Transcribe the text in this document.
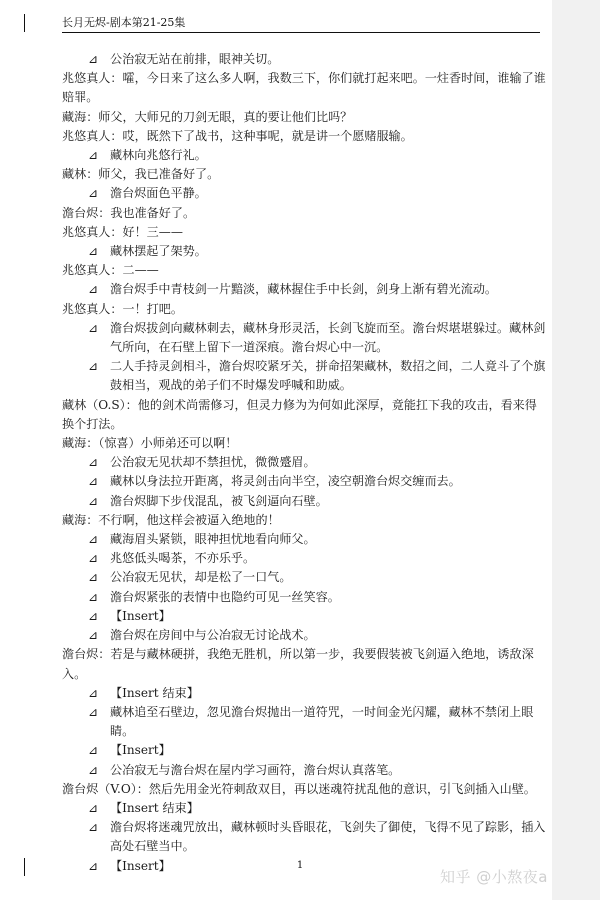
长月无烬-剧本第21-25集
⊿ 公治寂无站在前排，眼神关切。
兆悠真人：嚯，今日来了这么多人啊，我数三下，你们就打起来吧。一炷香时间，谁输了谁赔罪。
藏海：师父，大师兄的刀剑无眼，真的要让他们比吗？
兆悠真人：哎，既然下了战书，这种事呢，就是讲一个愿赌服输。
⊿ 藏林向兆悠行礼。
藏林：师父，我已准备好了。
⊿ 澹台烬面色平静。
澹台烬：我也准备好了。
兆悠真人：好！三——
⊿ 藏林摆起了架势。
兆悠真人：二——
⊿ 澹台烬手中青枝剑一片黯淡，藏林握住手中长剑，剑身上渐有碧光流动。
兆悠真人：一！打吧。
⊿ 澹台烬拔剑向藏林刺去，藏林身形灵活，长剑飞旋而至。澹台烬堪堪躲过。藏林剑气所向，在石壁上留下一道深痕。澹台烬心中一沉。
⊿ 二人手持灵剑相斗，澹台烬咬紧牙关，拼命招架藏林，数招之间，二人竟斗了个旗鼓相当，观战的弟子们不时爆发呼喊和助威。
藏林（O.S）：他的剑术尚需修习，但灵力修为为何如此深厚，竟能扛下我的攻击，看来得换个打法。
藏海：（惊喜）小师弟还可以啊！
⊿ 公治寂无见状却不禁担忧，微微蹙眉。
⊿ 藏林以身法拉开距离，将灵剑击向半空，凌空朝澹台烬交缠而去。
⊿ 澹台烬脚下步伐混乱，被飞剑逼向石壁。
藏海：不行啊，他这样会被逼入绝地的！
⊿ 藏海眉头紧锁，眼神担忧地看向师父。
⊿ 兆悠低头喝茶，不亦乐乎。
⊿ 公冶寂无见状，却是松了一口气。
⊿ 澹台烬紧张的表情中也隐约可见一丝笑容。
⊿ 【Insert】
⊿ 澹台烬在房间中与公冶寂无讨论战术。
澹台烬：若是与藏林硬拼，我绝无胜机，所以第一步，我要假装被飞剑逼入绝地，诱敌深入。
⊿ 【Insert 结束】
⊿ 藏林追至石壁边，忽见澹台烬抛出一道符咒，一时间金光闪耀，藏林不禁闭上眼睛。
⊿ 【Insert】
⊿ 公冶寂无与澹台烬在屋内学习画符，澹台烬认真落笔。
澹台烬（V.O）：然后先用金光符刺敌双目，再以迷魂符扰乱他的意识，引飞剑插入山壁。
⊿ 【Insert 结束】
⊿ 澹台烬将迷魂咒放出，藏林顿时头昏眼花，飞剑失了御使，飞得不见了踪影，插入高处石壁当中。
⊿ 【Insert】	1
知乎 @小熬夜a
